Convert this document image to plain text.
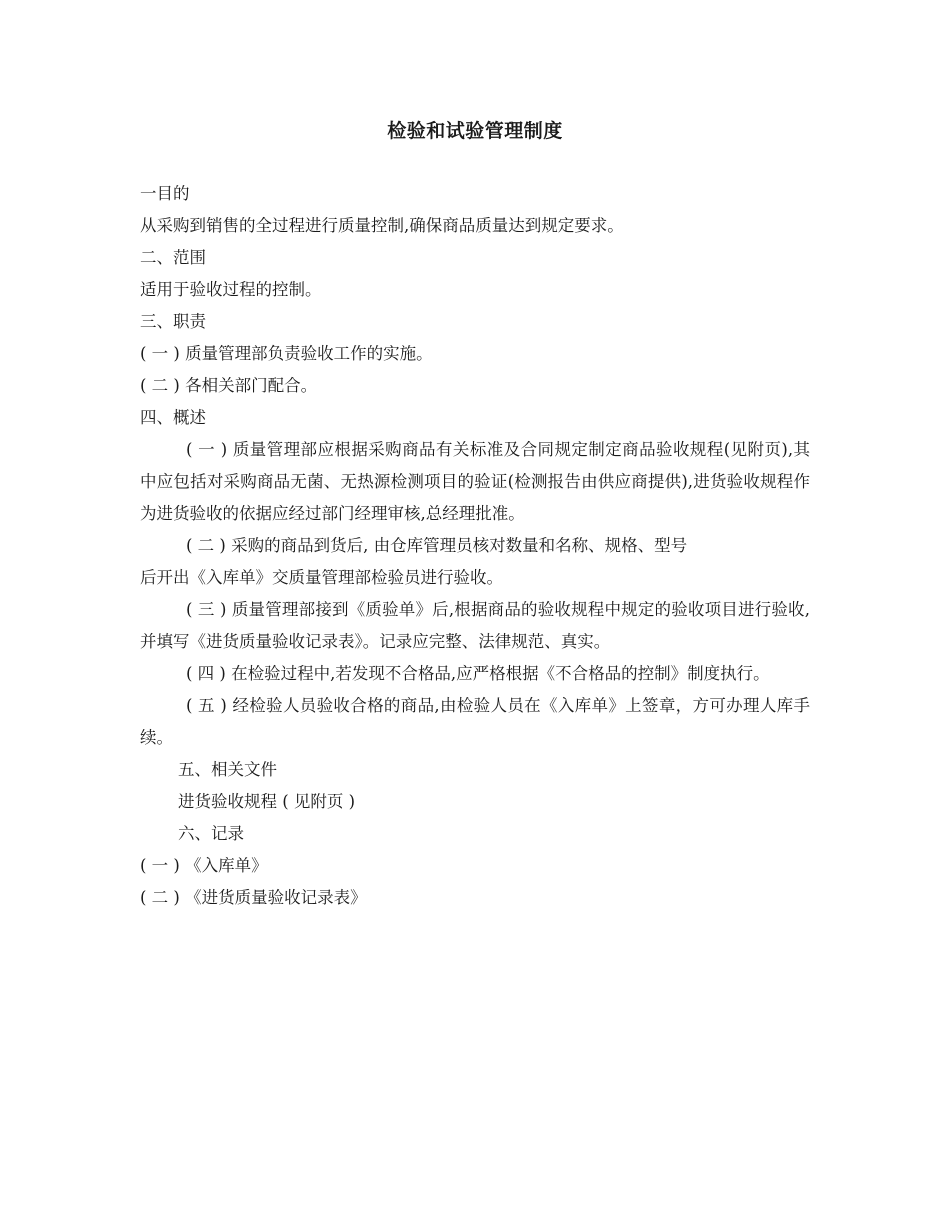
检验和试验管理制度
一目的
从采购到销售的全过程进行质量控制,确保商品质量达到规定要求。
二、范围
适用于验收过程的控制。
三、职责
( 一 ) 质量管理部负责验收工作的实施。
( 二 ) 各相关部门配合。
四、概述
( 一 ) 质量管理部应根据采购商品有关标准及合同规定制定商品验收规程(见附页),其中应包括对采购商品无菌、无热源检测项目的验证(检测报告由供应商提供),进货验收规程作为进货验收的依据应经过部门经理审核,总经理批准。
( 二 ) 采购的商品到货后, 由仓库管理员核对数量和名称、规格、型号
后开出《入库单》交质量管理部检验员进行验收。
( 三 ) 质量管理部接到《质验单》后,根据商品的验收规程中规定的验收项目进行验收,并填写《进货质量验收记录表》。记录应完整、法律规范、真实。
( 四 ) 在检验过程中,若发现不合格品,应严格根据《不合格品的控制》制度执行。
( 五 ) 经检验人员验收合格的商品,由检验人员在《入库单》上签章，方可办理人库手续。
五、相关文件
进货验收规程 ( 见附页 )
六、记录
( 一 ) 《入库单》
( 二 ) 《进货质量验收记录表》
